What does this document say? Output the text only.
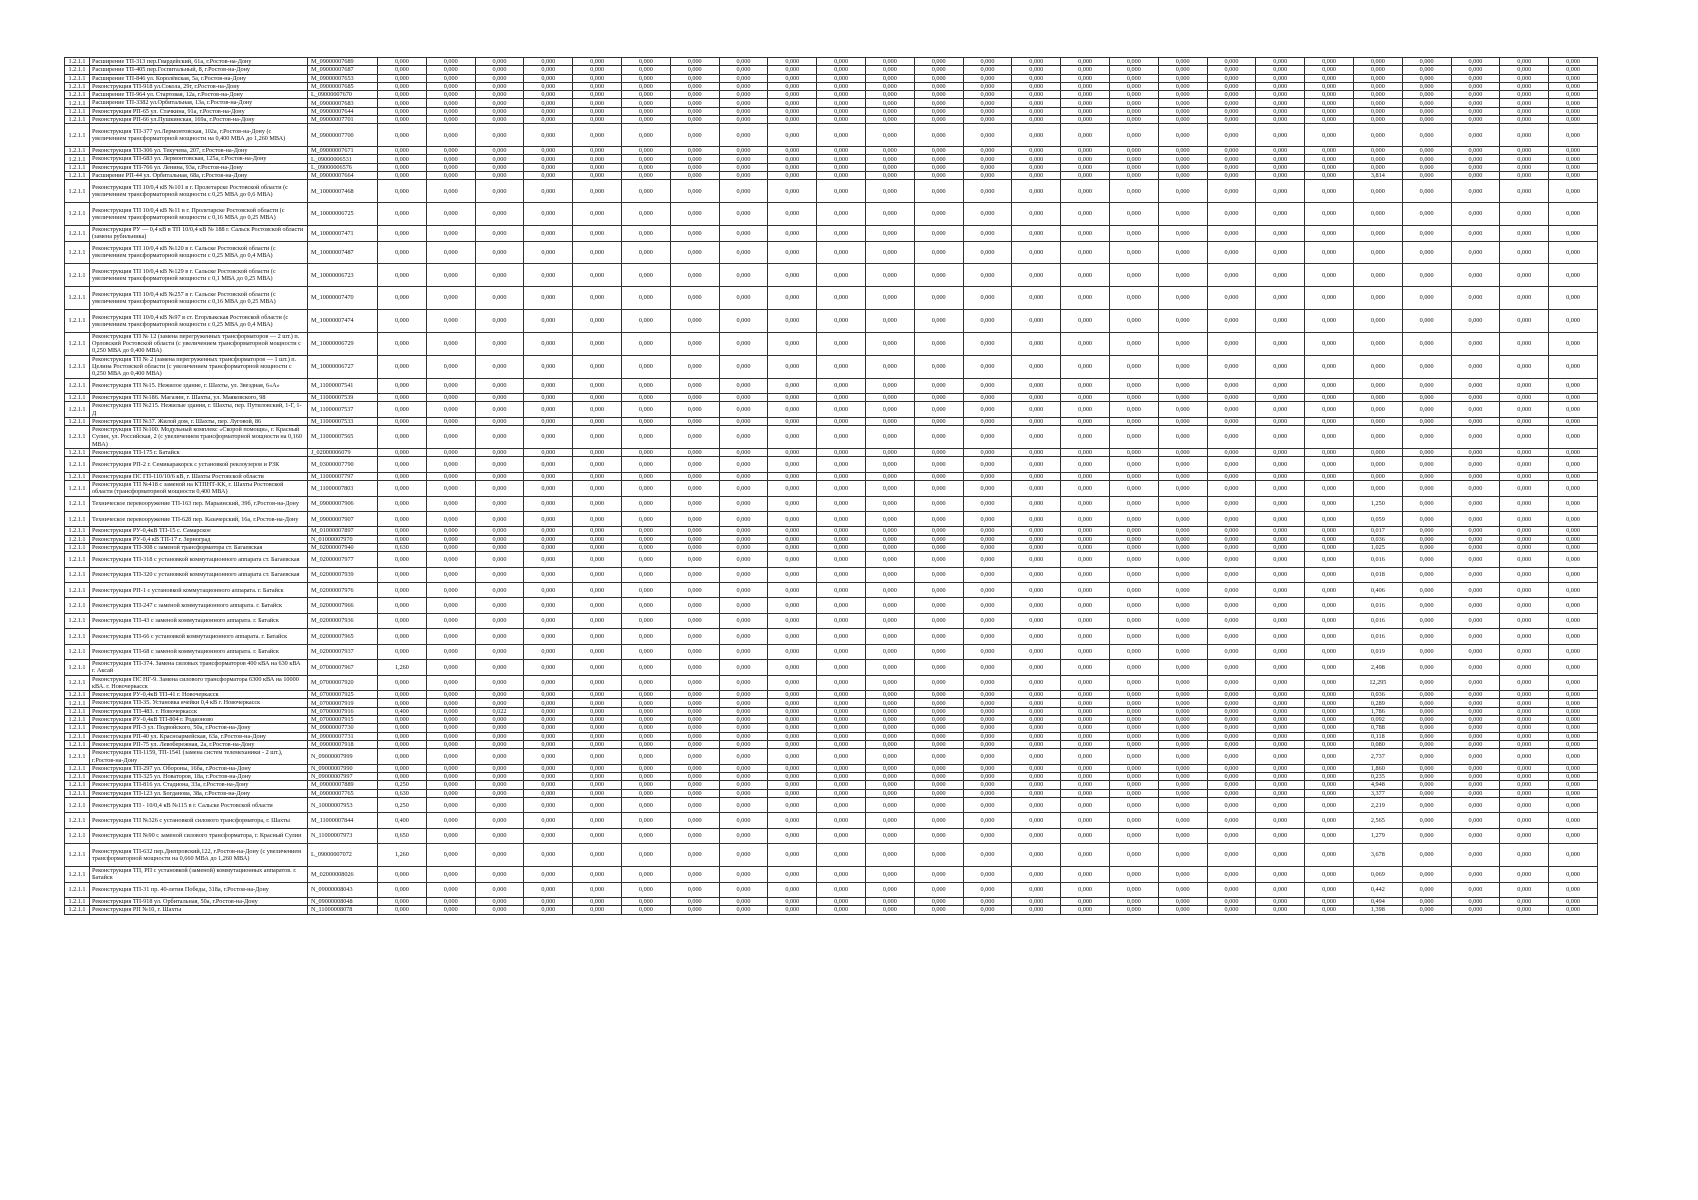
1.2.1.1	Расширение ТП-313 пер.Гвардейский, 61а, г.Ростов-на-Дону	M_09000007689	0,000	0,000	0,000	0,000	0,000	0,000	0,000	0,000	0,000	0,000	0,000	0,000	0,000	0,000	0,000	0,000	0,000	0,000	0,000	0,000	0,000	0,000	0,000	0,000	0,000
1.2.1.1	Расширение ТП-405 пер.Госпитальный, 8, г.Ростов-на-Дону	M_09000007687	0,000	0,000	0,000	0,000	0,000	0,000	0,000	0,000	0,000	0,000	0,000	0,000	0,000	0,000	0,000	0,000	0,000	0,000	0,000	0,000	0,000	0,000	0,000	0,000	0,000
1.2.1.1	Расширение ТП-846 ул. Королёвская, 5а, г.Ростов-на-Дону	M_09000007653	0,000	0,000	0,000	0,000	0,000	0,000	0,000	0,000	0,000	0,000	0,000	0,000	0,000	0,000	0,000	0,000	0,000	0,000	0,000	0,000	0,000	0,000	0,000	0,000	0,000
1.2.1.1	Реконструкция ТП-918 ул.Сокола, 29г, г.Ростов-на-Дону	M_09000007685	0,000	0,000	0,000	0,000	0,000	0,000	0,000	0,000	0,000	0,000	0,000	0,000	0,000	0,000	0,000	0,000	0,000	0,000	0,000	0,000	0,000	0,000	0,000	0,000	0,000
1.2.1.1	Расширение ТП-964 ул. Стартовая, 12а, г.Ростов-на-Дону	L_09000007670	0,000	0,000	0,000	0,000	0,000	0,000	0,000	0,000	0,000	0,000	0,000	0,000	0,000	0,000	0,000	0,000	0,000	0,000	0,000	0,000	0,000	0,000	0,000	0,000	0,000
1.2.1.1	Расширение ТП-3382 ул.Орбитальная, 13а, г.Ростов-на-Дону	M_09000007683	0,000	0,000	0,000	0,000	0,000	0,000	0,000	0,000	0,000	0,000	0,000	0,000	0,000	0,000	0,000	0,000	0,000	0,000	0,000	0,000	0,000	0,000	0,000	0,000	0,000
1.2.1.1	Реконструкция РП-65 ул. Стачкина, 91а, г.Ростов-на-Дону	M_09000007644	0,000	0,000	0,000	0,000	0,000	0,000	0,000	0,000	0,000	0,000	0,000	0,000	0,000	0,000	0,000	0,000	0,000	0,000	0,000	0,000	0,000	0,000	0,000	0,000	0,000
1.2.1.1	Реконструкция РП-66 ул.Пушкинская, 169а, г.Ростов-на-Дону	M_09000007701	0,000	0,000	0,000	0,000	0,000	0,000	0,000	0,000	0,000	0,000	0,000	0,000	0,000	0,000	0,000	0,000	0,000	0,000	0,000	0,000	0,000	0,000	0,000	0,000	0,000
1.2.1.1	Реконструкция ТП-377 ул.Лермонтовская, 102а, г.Ростов-на-Дону (с увеличением трансформаторной мощности на 0,400 МВА до 1,260 МВА)	M_09000007700	0,000	0,000	0,000	0,000	0,000	0,000	0,000	0,000	0,000	0,000	0,000	0,000	0,000	0,000	0,000	0,000	0,000	0,000	0,000	0,000	0,000	0,000	0,000	0,000	0,000
1.2.1.1	Реконструкция ТП-306 ул. Текучева, 207, г.Ростов-на-Дону	M_09000007671	0,000	0,000	0,000	0,000	0,000	0,000	0,000	0,000	0,000	0,000	0,000	0,000	0,000	0,000	0,000	0,000	0,000	0,000	0,000	0,000	0,000	0,000	0,000	0,000	0,000
1.2.1.1	Реконструкция ТП-683 ул. Лермонтовская, 125а, г.Ростов-на-Дону	L_09000006531	0,000	0,000	0,000	0,000	0,000	0,000	0,000	0,000	0,000	0,000	0,000	0,000	0,000	0,000	0,000	0,000	0,000	0,000	0,000	0,000	0,000	0,000	0,000	0,000	0,000
1.2.1.1	Реконструкция ТП-766 ул. Ленина, 93а, г.Ростов-на-Дону	L_09000006576	0,000	0,000	0,000	0,000	0,000	0,000	0,000	0,000	0,000	0,000	0,000	0,000	0,000	0,000	0,000	0,000	0,000	0,000	0,000	0,000	0,000	0,000	0,000	0,000	0,000
1.2.1.1	Расширение РП-44 ул. Орбитальная, 68а, г.Ростов-на-Дону	M_09000007664	0,000	0,000	0,000	0,000	0,000	0,000	0,000	0,000	0,000	0,000	0,000	0,000	0,000	0,000	0,000	0,000	0,000	0,000	0,000	0,000	3,814	0,000	0,000	0,000	0,000
1.2.1.1	Реконструкция ТП 10/0,4 кВ №101 в г. Пролетарске Ростовской области (с увеличением трансформаторной мощности с 0,25 МВА до 0,6 МВА)	M_10000007468	0,000	0,000	0,000	0,000	0,000	0,000	0,000	0,000	0,000	0,000	0,000	0,000	0,000	0,000	0,000	0,000	0,000	0,000	0,000	0,000	0,000	0,000	0,000	0,000	0,000
1.2.1.1	Реконструкция ТП 10/0,4 кВ №11 в г. Пролетарске Ростовской области (с увеличением трансформаторной мощности с 0,16 МВА до 0,25 МВА)	M_10000006725	0,000	0,000	0,000	0,000	0,000	0,000	0,000	0,000	0,000	0,000	0,000	0,000	0,000	0,000	0,000	0,000	0,000	0,000	0,000	0,000	0,000	0,000	0,000	0,000	0,000
1.2.1.1	Реконструкция РУ — 0,4 кВ в ТП 10/0,4 кВ № 188 г. Сальск Ростовской области (замена рубильника)	M_10000007471	0,000	0,000	0,000	0,000	0,000	0,000	0,000	0,000	0,000	0,000	0,000	0,000	0,000	0,000	0,000	0,000	0,000	0,000	0,000	0,000	0,000	0,000	0,000	0,000	0,000
1.2.1.1	Реконструкция ТП 10/0,4 кВ №120 в г. Сальске Ростовской области (с увеличением трансформаторной мощности с 0,25 МВА до 0,4 МВА)	M_10000007487	0,000	0,000	0,000	0,000	0,000	0,000	0,000	0,000	0,000	0,000	0,000	0,000	0,000	0,000	0,000	0,000	0,000	0,000	0,000	0,000	0,000	0,000	0,000	0,000	0,000
1.2.1.1	Реконструкция ТП 10/0,4 кВ №129 в г. Сальске Ростовской области (с увеличением трансформаторной мощности с 0,1 МВА до 0,25 МВА)	M_10000006723	0,000	0,000	0,000	0,000	0,000	0,000	0,000	0,000	0,000	0,000	0,000	0,000	0,000	0,000	0,000	0,000	0,000	0,000	0,000	0,000	0,000	0,000	0,000	0,000	0,000
1.2.1.1	Реконструкция ТП 10/0,4 кВ №257 в г. Сальске Ростовской области (с увеличением трансформаторной мощности с 0,16 МВА до 0,25 МВА)	M_10000007470	0,000	0,000	0,000	0,000	0,000	0,000	0,000	0,000	0,000	0,000	0,000	0,000	0,000	0,000	0,000	0,000	0,000	0,000	0,000	0,000	0,000	0,000	0,000	0,000	0,000
1.2.1.1	Реконструкция ТП 10/0,4 кВ №97 в ст. Егорлыкская Ростовской области (с увеличением трансформаторной мощности с 0,25 МВА до 0,4 МВА)	M_10000007474	0,000	0,000	0,000	0,000	0,000	0,000	0,000	0,000	0,000	0,000	0,000	0,000	0,000	0,000	0,000	0,000	0,000	0,000	0,000	0,000	0,000	0,000	0,000	0,000	0,000
1.2.1.1	Реконструкция ТП № 12 (замена перегруженных трансформаторов — 2 шт.) п. Орловский Ростовской области (с увеличением трансформаторной мощности с 0,250 МВА до 0,400 МВА)	M_10000006729	0,000	0,000	0,000	0,000	0,000	0,000	0,000	0,000	0,000	0,000	0,000	0,000	0,000	0,000	0,000	0,000	0,000	0,000	0,000	0,000	0,000	0,000	0,000	0,000	0,000
1.2.1.1	Реконструкция ТП № 2 (замена перегруженных трансформаторов — 1 шт.) п. Целина Ростовской области (с увеличением трансформаторной мощности с 0,250 МВА до 0,400 МВА)	M_10000006727	0,000	0,000	0,000	0,000	0,000	0,000	0,000	0,000	0,000	0,000	0,000	0,000	0,000	0,000	0,000	0,000	0,000	0,000	0,000	0,000	0,000	0,000	0,000	0,000	0,000
1.2.1.1	Реконструкция ТП №15. Нежилое здание, г. Шахты, ул. Звездная, 6«А»	M_11000007541	0,000	0,000	0,000	0,000	0,000	0,000	0,000	0,000	0,000	0,000	0,000	0,000	0,000	0,000	0,000	0,000	0,000	0,000	0,000	0,000	0,000	0,000	0,000	0,000	0,000
1.2.1.1	Реконструкция ТП №186. Магазин, г. Шахты, ул. Маяковского, 98	M_11000007539	0,000	0,000	0,000	0,000	0,000	0,000	0,000	0,000	0,000	0,000	0,000	0,000	0,000	0,000	0,000	0,000	0,000	0,000	0,000	0,000	0,000	0,000	0,000	0,000	0,000
1.2.1.1	Реконструкция ТП №215. Нежилые здания, г. Шахты, пер. Путиловский, 1-Г, 1-Д	M_11000007537	0,000	0,000	0,000	0,000	0,000	0,000	0,000	0,000	0,000	0,000	0,000	0,000	0,000	0,000	0,000	0,000	0,000	0,000	0,000	0,000	0,000	0,000	0,000	0,000	0,000
1.2.1.1	Реконструкция ТП №37. Жилой дом, г. Шахты, пер. Луговой, 86	M_11000007533	0,000	0,000	0,000	0,000	0,000	0,000	0,000	0,000	0,000	0,000	0,000	0,000	0,000	0,000	0,000	0,000	0,000	0,000	0,000	0,000	0,000	0,000	0,000	0,000	0,000
1.2.1.1	Реконструкция ТП №100. Модульный комплекс «Скорой помощи», г. Красный Сулин, ул. Российская, 2 (с увеличением трансформаторной мощности на 0,160 МВА)	M_11000007565	0,000	0,000	0,000	0,000	0,000	0,000	0,000	0,000	0,000	0,000	0,000	0,000	0,000	0,000	0,000	0,000	0,000	0,000	0,000	0,000	0,000	0,000	0,000	0,000	0,000
1.2.1.1	Реконструкция ТП-175 г. Батайск	J_02000006079	0,000	0,000	0,000	0,000	0,000	0,000	0,000	0,000	0,000	0,000	0,000	0,000	0,000	0,000	0,000	0,000	0,000	0,000	0,000	0,000	0,000	0,000	0,000	0,000	0,000
1.2.1.1	Реконструкция РП-2 г. Семикаракорск с установкой реклоузеров и РЗК	M_03000007790	0,000	0,000	0,000	0,000	0,000	0,000	0,000	0,000	0,000	0,000	0,000	0,000	0,000	0,000	0,000	0,000	0,000	0,000	0,000	0,000	0,000	0,000	0,000	0,000	0,000
1.2.1.1	Реконструкция ПС ГП-110/10/6 кВ, г. Шахты Ростовской области	M_11000007797	0,000	0,000	0,000	0,000	0,000	0,000	0,000	0,000	0,000	0,000	0,000	0,000	0,000	0,000	0,000	0,000	0,000	0,000	0,000	0,000	0,000	0,000	0,000	0,000	0,000
1.2.1.1	Реконструкция ТП №418 с заменой на КТПНТ-КК, г. Шахты Ростовской области (трансформаторной мощности 0,400 МВА)	M_11000007803	0,000	0,000	0,000	0,000	0,000	0,000	0,000	0,000	0,000	0,000	0,000	0,000	0,000	0,000	0,000	0,000	0,000	0,000	0,000	0,000	0,000	0,000	0,000	0,000	0,000
1.2.1.1	Техническое перевооружение ТП-163 пер. Марьинский, 39б, г.Ростов-на-Дону	M_09000007906	0,000	0,000	0,000	0,000	0,000	0,000	0,000	0,000	0,000	0,000	0,000	0,000	0,000	0,000	0,000	0,000	0,000	0,000	0,000	0,000	1,250	0,000	0,000	0,000	0,000
1.2.1.1	Техническое перевооружение ТП-628 пер. Казачерский, 16а, г.Ростов-на-Дону	M_09000007907	0,000	0,000	0,000	0,000	0,000	0,000	0,000	0,000	0,000	0,000	0,000	0,000	0,000	0,000	0,000	0,000	0,000	0,000	0,000	0,000	0,059	0,000	0,000	0,000	0,000
1.2.1.1	Реконструкция РУ-0,4кВ ТП-15 с. Самарское	M_01000007897	0,000	0,000	0,000	0,000	0,000	0,000	0,000	0,000	0,000	0,000	0,000	0,000	0,000	0,000	0,000	0,000	0,000	0,000	0,000	0,000	0,017	0,000	0,000	0,000	0,000
1.2.1.1	Реконструкция РУ-0,4 кВ ТП-17 г. Зерноград	N_01000007970	0,000	0,000	0,000	0,000	0,000	0,000	0,000	0,000	0,000	0,000	0,000	0,000	0,000	0,000	0,000	0,000	0,000	0,000	0,000	0,000	0,036	0,000	0,000	0,000	0,000
1.2.1.1	Реконструкция ТП-308 с заменой трансформатора ст. Багаевская	M_02000007940	0,630	0,000	0,000	0,000	0,000	0,000	0,000	0,000	0,000	0,000	0,000	0,000	0,000	0,000	0,000	0,000	0,000	0,000	0,000	0,000	1,025	0,000	0,000	0,000	0,000
1.2.1.1	Реконструкция ТП-318 с установкой коммутационного аппарата ст. Багаевская	M_02000007977	0,000	0,000	0,000	0,000	0,000	0,000	0,000	0,000	0,000	0,000	0,000	0,000	0,000	0,000	0,000	0,000	0,000	0,000	0,000	0,000	0,016	0,000	0,000	0,000	0,000
1.2.1.1	Реконструкция ТП-320 с установкой коммутационного аппарата ст. Багаевская	M_02000007939	0,000	0,000	0,000	0,000	0,000	0,000	0,000	0,000	0,000	0,000	0,000	0,000	0,000	0,000	0,000	0,000	0,000	0,000	0,000	0,000	0,018	0,000	0,000	0,000	0,000
1.2.1.1	Реконструкция РП-1 с установкой коммутационного аппарата. г. Батайск	M_02000007976	0,000	0,000	0,000	0,000	0,000	0,000	0,000	0,000	0,000	0,000	0,000	0,000	0,000	0,000	0,000	0,000	0,000	0,000	0,000	0,000	0,406	0,000	0,000	0,000	0,000
1.2.1.1	Реконструкция ТП-247 с заменой коммутационного аппарата. г. Батайск	M_02000007966	0,000	0,000	0,000	0,000	0,000	0,000	0,000	0,000	0,000	0,000	0,000	0,000	0,000	0,000	0,000	0,000	0,000	0,000	0,000	0,000	0,016	0,000	0,000	0,000	0,000
1.2.1.1	Реконструкция ТП-43 с заменой коммутационного аппарата. г. Батайск	M_02000007936	0,000	0,000	0,000	0,000	0,000	0,000	0,000	0,000	0,000	0,000	0,000	0,000	0,000	0,000	0,000	0,000	0,000	0,000	0,000	0,000	0,016	0,000	0,000	0,000	0,000
1.2.1.1	Реконструкция ТП-66 с установкой коммутационного аппарата. г. Батайск	M_02000007965	0,000	0,000	0,000	0,000	0,000	0,000	0,000	0,000	0,000	0,000	0,000	0,000	0,000	0,000	0,000	0,000	0,000	0,000	0,000	0,000	0,016	0,000	0,000	0,000	0,000
1.2.1.1	Реконструкция ТП-68 с заменой коммутационного аппарата. г. Батайск	M_02000007937	0,000	0,000	0,000	0,000	0,000	0,000	0,000	0,000	0,000	0,000	0,000	0,000	0,000	0,000	0,000	0,000	0,000	0,000	0,000	0,000	0,019	0,000	0,000	0,000	0,000
1.2.1.1	Реконструкция ТП-374. Замена силовых трансформаторов 400 кВА на 630 кВА г. Аксай	M_07000007967	1,260	0,000	0,000	0,000	0,000	0,000	0,000	0,000	0,000	0,000	0,000	0,000	0,000	0,000	0,000	0,000	0,000	0,000	0,000	0,000	2,498	0,000	0,000	0,000	0,000
1.2.1.1	Реконструкция ПС НГ-9. Замена силового трансформатора 6300 кВА на 10000 кВА. г. Новочеркасск	M_07000007920	0,000	0,000	0,000	0,000	0,000	0,000	0,000	0,000	0,000	0,000	0,000	0,000	0,000	0,000	0,000	0,000	0,000	0,000	0,000	0,000	12,295	0,000	0,000	0,000	0,000
1.2.1.1	Реконструкция РУ-0,4кВ ТП-41 г. Новочеркасск	M_07000007925	0,000	0,000	0,000	0,000	0,000	0,000	0,000	0,000	0,000	0,000	0,000	0,000	0,000	0,000	0,000	0,000	0,000	0,000	0,000	0,000	0,036	0,000	0,000	0,000	0,000
1.2.1.1	Реконструкция ТП-35. Установка ячейки 0,4 кВ г. Новочеркасск	M_07000007919	0,000	0,000	0,000	0,000	0,000	0,000	0,000	0,000	0,000	0,000	0,000	0,000	0,000	0,000	0,000	0,000	0,000	0,000	0,000	0,000	0,289	0,000	0,000	0,000	0,000
1.2.1.1	Реконструкция ТП-483. г. Новочеркасск	M_07000007916	0,400	0,000	0,022	0,000	0,000	0,000	0,000	0,000	0,000	0,000	0,000	0,000	0,000	0,000	0,000	0,000	0,000	0,000	0,000	0,000	1,786	0,000	0,000	0,000	0,000
1.2.1.1	Реконструкция РУ-0,4кВ ТП-804 г. Родионово	M_07000007915	0,000	0,000	0,000	0,000	0,000	0,000	0,000	0,000	0,000	0,000	0,000	0,000	0,000	0,000	0,000	0,000	0,000	0,000	0,000	0,000	0,092	0,000	0,000	0,000	0,000
1.2.1.1	Реконструкция РП-3 ул. Подвойского, 50а, г.Ростов-на-Дону	M_09000007730	0,000	0,000	0,000	0,000	0,000	0,000	0,000	0,000	0,000	0,000	0,000	0,000	0,000	0,000	0,000	0,000	0,000	0,000	0,000	0,000	0,788	0,000	0,000	0,000	0,000
1.2.1.1	Реконструкция РП-40 ул. Красноармейская, 63а, г.Ростов-на-Дону	M_09000007731	0,000	0,000	0,000	0,000	0,000	0,000	0,000	0,000	0,000	0,000	0,000	0,000	0,000	0,000	0,000	0,000	0,000	0,000	0,000	0,000	0,118	0,000	0,000	0,000	0,000
1.2.1.1	Реконструкция РП-75 ул. Левобережная, 2а, г.Ростов-на-Дону	M_09000007918	0,000	0,000	0,000	0,000	0,000	0,000	0,000	0,000	0,000	0,000	0,000	0,000	0,000	0,000	0,000	0,000	0,000	0,000	0,000	0,000	0,080	0,000	0,000	0,000	0,000
1.2.1.1	Реконструкция ТП-1159, ТП-1541 (замена систем телемеханики - 2 шт.), г.Ростов-на-Дону	N_09000007999	0,000	0,000	0,000	0,000	0,000	0,000	0,000	0,000	0,000	0,000	0,000	0,000	0,000	0,000	0,000	0,000	0,000	0,000	0,000	0,000	2,737	0,000	0,000	0,000	0,000
1.2.1.1	Реконструкция ТП-297 ул. Обороны, 16ба, г.Ростов-на-Дону	N_09000007990	0,000	0,000	0,000	0,000	0,000	0,000	0,000	0,000	0,000	0,000	0,000	0,000	0,000	0,000	0,000	0,000	0,000	0,000	0,000	0,000	1,860	0,000	0,000	0,000	0,000
1.2.1.1	Реконструкция ТП-325 ул. Новаторов, 18а, г.Ростов-на-Дону	N_09000007997	0,000	0,000	0,000	0,000	0,000	0,000	0,000	0,000	0,000	0,000	0,000	0,000	0,000	0,000	0,000	0,000	0,000	0,000	0,000	0,000	0,235	0,000	0,000	0,000	0,000
1.2.1.1	Реконструкция ТП-816 ул. Стадиона, 33а, г.Ростов-на-Дону	M_09000007889	0,250	0,000	0,000	0,000	0,000	0,000	0,000	0,000	0,000	0,000	0,000	0,000	0,000	0,000	0,000	0,000	0,000	0,000	0,000	0,000	4,948	0,000	0,000	0,000	0,000
1.2.1.1	Реконструкция ТП-123 ул. Богданова, 38а, г.Ростов-на-Дону	M_09000007765	0,630	0,000	0,000	0,000	0,000	0,000	0,000	0,000	0,000	0,000	0,000	0,000	0,000	0,000	0,000	0,000	0,000	0,000	0,000	0,000	3,377	0,000	0,000	0,000	0,000
1.2.1.1	Реконструкция ТП - 10/0,4 кВ №115 в г. Сальске Ростовской области	N_10000007953	0,250	0,000	0,000	0,000	0,000	0,000	0,000	0,000	0,000	0,000	0,000	0,000	0,000	0,000	0,000	0,000	0,000	0,000	0,000	0,000	2,219	0,000	0,000	0,000	0,000
1.2.1.1	Реконструкция ТП №326 с установкой силового трансформатора, г. Шахты	M_11000007844	0,400	0,000	0,000	0,000	0,000	0,000	0,000	0,000	0,000	0,000	0,000	0,000	0,000	0,000	0,000	0,000	0,000	0,000	0,000	0,000	2,565	0,000	0,000	0,000	0,000
1.2.1.1	Реконструкция ТП №90 с заменой силового трансформатора, г. Красный Сулин	N_11000007973	0,650	0,000	0,000	0,000	0,000	0,000	0,000	0,000	0,000	0,000	0,000	0,000	0,000	0,000	0,000	0,000	0,000	0,000	0,000	0,000	1,279	0,000	0,000	0,000	0,000
1.2.1.1	Реконструкция ТП-632 пер.Днепровский,122, г.Ростов-на-Дону (с увеличением трансформаторной мощности на 0,660 МВА до 1,260 МВА)	L_09000007072	1,260	0,000	0,000	0,000	0,000	0,000	0,000	0,000	0,000	0,000	0,000	0,000	0,000	0,000	0,000	0,000	0,000	0,000	0,000	0,000	3,678	0,000	0,000	0,000	0,000
1.2.1.1	Реконструкция ТП, РП с установкой (заменой) коммутационных аппаратов. г. Батайск	M_02000008026	0,000	0,000	0,000	0,000	0,000	0,000	0,000	0,000	0,000	0,000	0,000	0,000	0,000	0,000	0,000	0,000	0,000	0,000	0,000	0,000	0,069	0,000	0,000	0,000	0,000
1.2.1.1	Реконструкция ТП-31 пр. 40-летия Победы, 318а, г.Ростов-на-Дону	N_09000008043	0,000	0,000	0,000	0,000	0,000	0,000	0,000	0,000	0,000	0,000	0,000	0,000	0,000	0,000	0,000	0,000	0,000	0,000	0,000	0,000	0,442	0,000	0,000	0,000	0,000
1.2.1.1	Реконструкция ТП-918 ул. Орбитальная, 50а, г.Ростов-на-Дону	N_09000008048	0,000	0,000	0,000	0,000	0,000	0,000	0,000	0,000	0,000	0,000	0,000	0,000	0,000	0,000	0,000	0,000	0,000	0,000	0,000	0,000	0,494	0,000	0,000	0,000	0,000
1.2.1.1	Реконструкция РП №10, г. Шахты	N_11000008078	0,000	0,000	0,000	0,000	0,000	0,000	0,000	0,000	0,000	0,000	0,000	0,000	0,000	0,000	0,000	0,000	0,000	0,000	0,000	0,000	1,398	0,000	0,000	0,000	0,000
